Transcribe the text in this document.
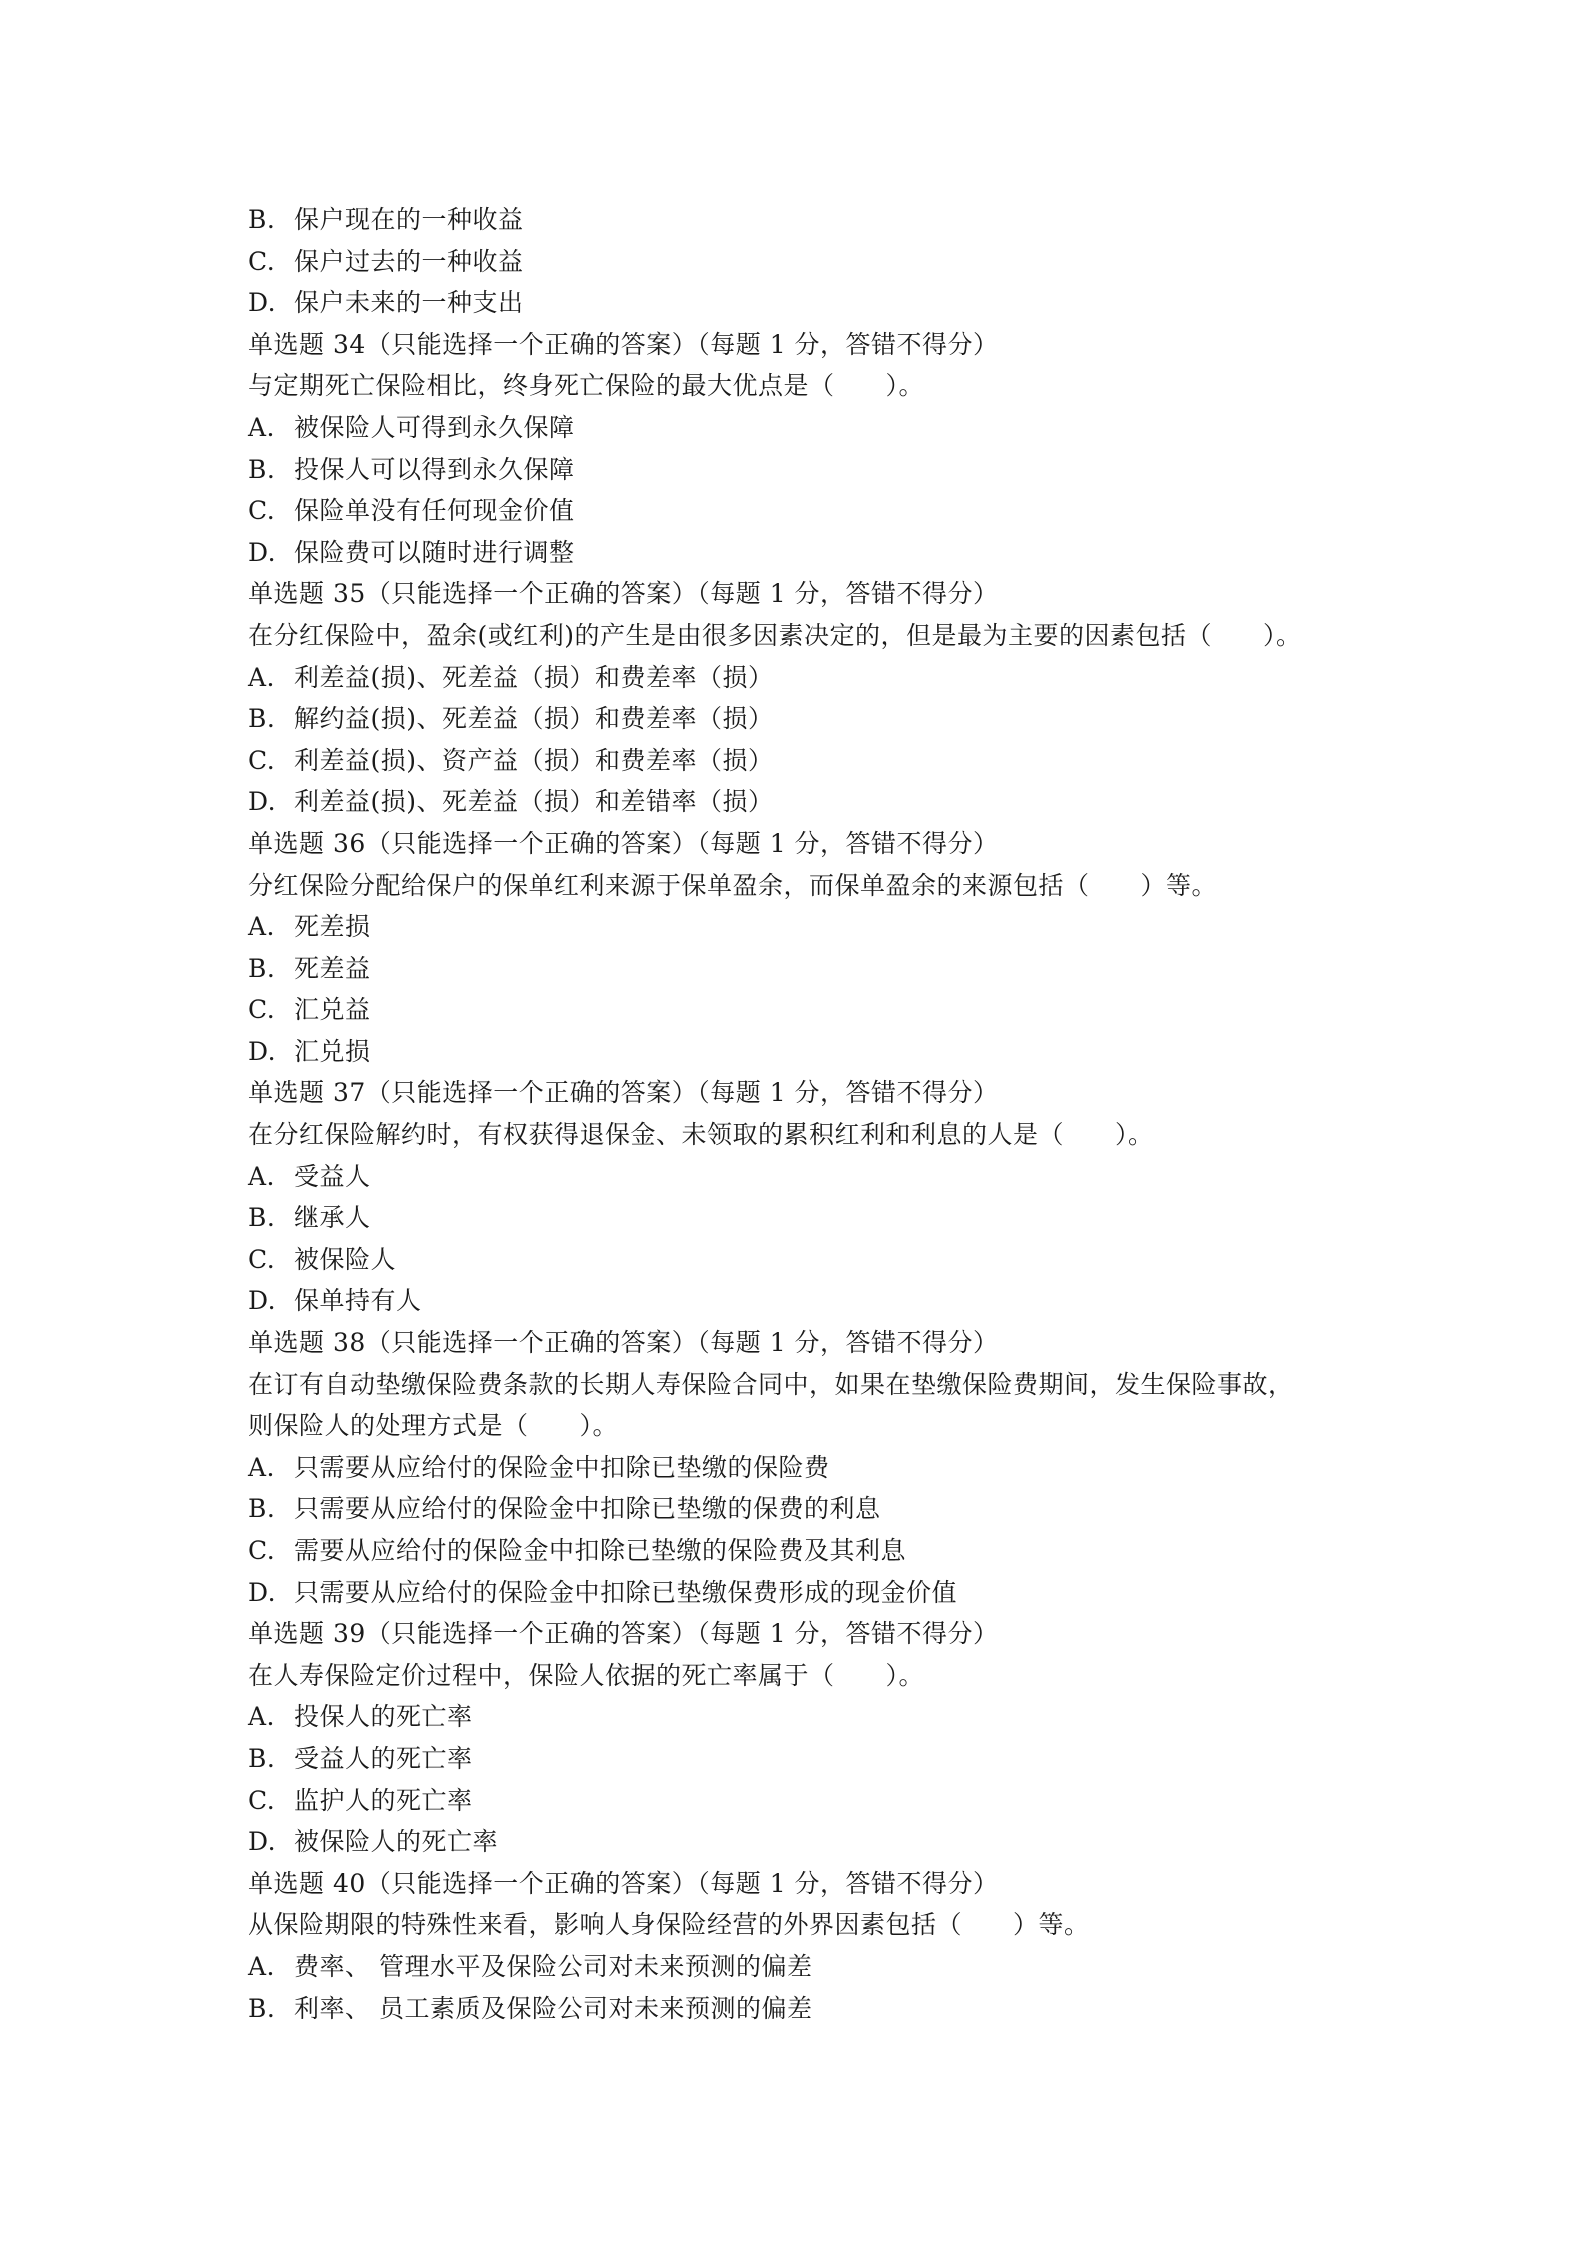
B. 保户现在的一种收益
C. 保户过去的一种收益
D. 保户未来的一种支出
单选题 34（只能选择一个正确的答案）（每题 1 分，答错不得分）
与定期死亡保险相比，终身死亡保险的最大优点是（　　）。
A. 被保险人可得到永久保障
B. 投保人可以得到永久保障
C. 保险单没有任何现金价值
D. 保险费可以随时进行调整
单选题 35（只能选择一个正确的答案）（每题 1 分，答错不得分）
在分红保险中，盈余(或红利)的产生是由很多因素决定的，但是最为主要的因素包括（　　）。
A. 利差益(损)、死差益（损）和费差率（损）
B. 解约益(损)、死差益（损）和费差率（损）
C. 利差益(损)、资产益（损）和费差率（损）
D. 利差益(损)、死差益（损）和差错率（损）
单选题 36（只能选择一个正确的答案）（每题 1 分，答错不得分）
分红保险分配给保户的保单红利来源于保单盈余，而保单盈余的来源包括（　　）等。
A. 死差损
B. 死差益
C. 汇兑益
D. 汇兑损
单选题 37（只能选择一个正确的答案）（每题 1 分，答错不得分）
在分红保险解约时，有权获得退保金、未领取的累积红利和利息的人是（　　）。
A. 受益人
B. 继承人
C. 被保险人
D. 保单持有人
单选题 38（只能选择一个正确的答案）（每题 1 分，答错不得分）
在订有自动垫缴保险费条款的长期人寿保险合同中，如果在垫缴保险费期间，发生保险事故，
则保险人的处理方式是（　　）。
A. 只需要从应给付的保险金中扣除已垫缴的保险费
B. 只需要从应给付的保险金中扣除已垫缴的保费的利息
C. 需要从应给付的保险金中扣除已垫缴的保险费及其利息
D. 只需要从应给付的保险金中扣除已垫缴保费形成的现金价值
单选题 39（只能选择一个正确的答案）（每题 1 分，答错不得分）
在人寿保险定价过程中，保险人依据的死亡率属于（　　）。
A. 投保人的死亡率
B. 受益人的死亡率
C. 监护人的死亡率
D. 被保险人的死亡率
单选题 40（只能选择一个正确的答案）（每题 1 分，答错不得分）
从保险期限的特殊性来看，影响人身保险经营的外界因素包括（　　）等。
A. 费率、 管理水平及保险公司对未来预测的偏差
B. 利率、 员工素质及保险公司对未来预测的偏差
